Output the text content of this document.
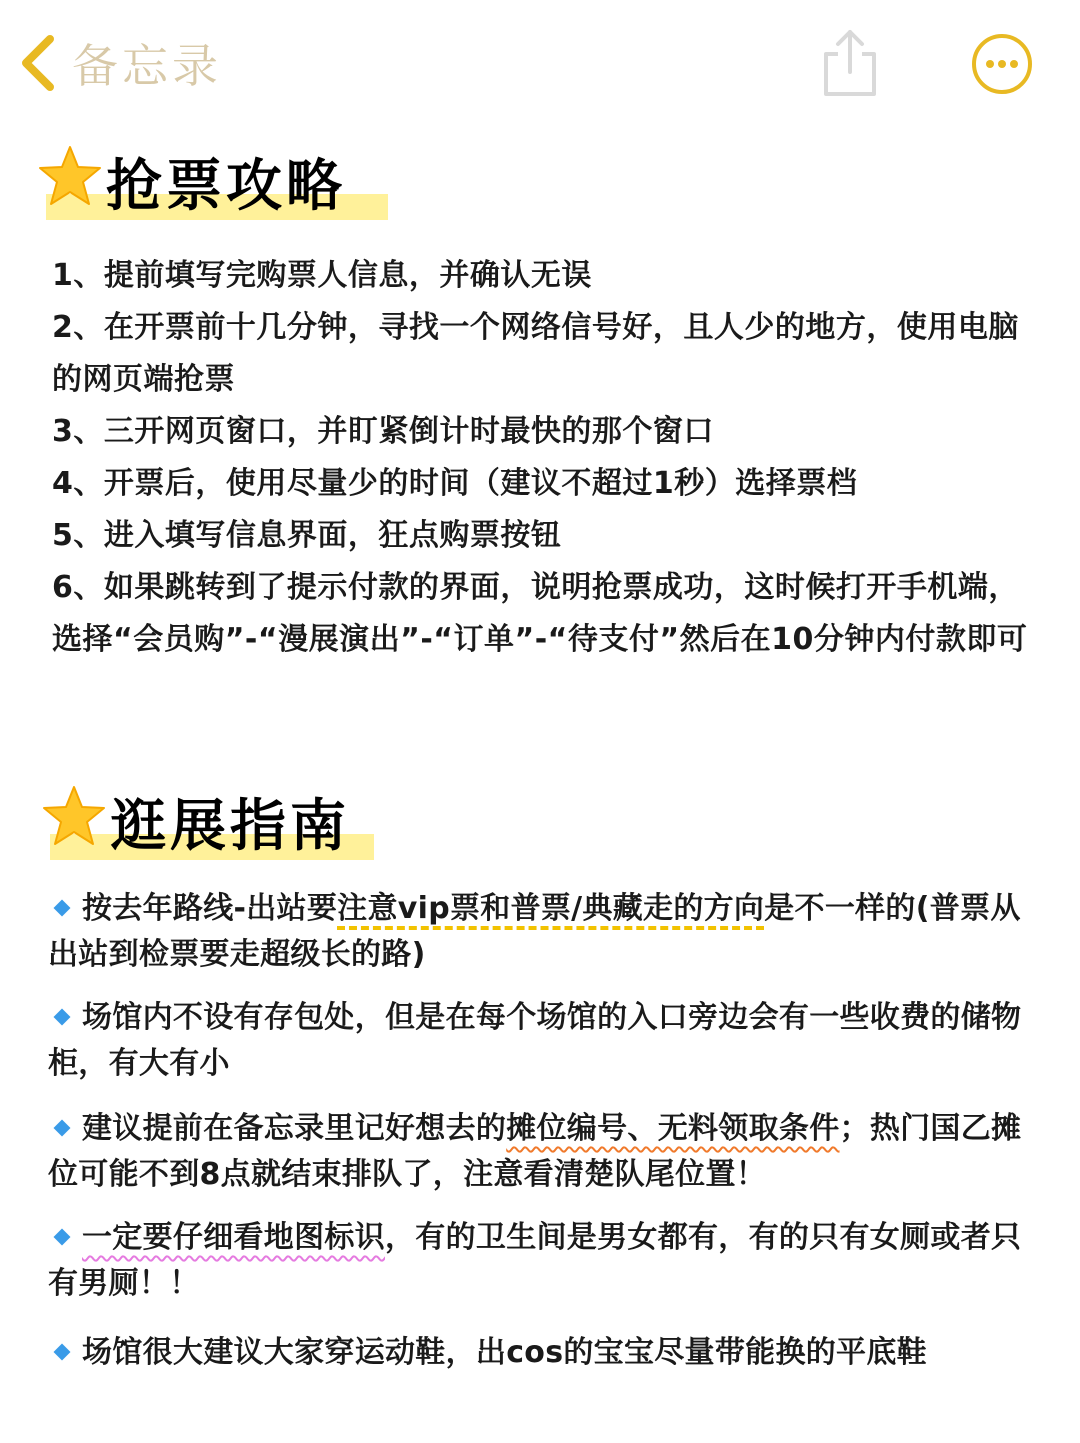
备忘录
抢票攻略

1、提前填写完购票人信息，并确认无误

2、在开票前十几分钟，寻找一个网络信号好，且人少的地方，使用电脑的网页端抢票

3、三开网页窗口，并盯紧倒计时最快的那个窗口

4、开票后，使用尽量少的时间（建议不超过1秒）选择票档

5、进入填写信息界面，狂点购票按钮

6、如果跳转到了提示付款的界面，说明抢票成功，这时候打开手机端，选择“会员购”-“漫展演出”-“订单”-“待支付”然后在10分钟内付款即可

逛展指南

按去年路线-出站要注意vip票和普票/典藏走的方向是不一样的(普票从出站到检票要走超级长的路)

场馆内不设有存包处，但是在每个场馆的入口旁边会有一些收费的储物柜，有大有小

建议提前在备忘录里记好想去的摊位编号、无料领取条件；热门国乙摊位可能不到8点就结束排队了，注意看清楚队尾位置！

一定要仔细看地图标识，有的卫生间是男女都有，有的只有女厕或者只有男厕！！

场馆很大建议大家穿运动鞋，出cos的宝宝尽量带能换的平底鞋
